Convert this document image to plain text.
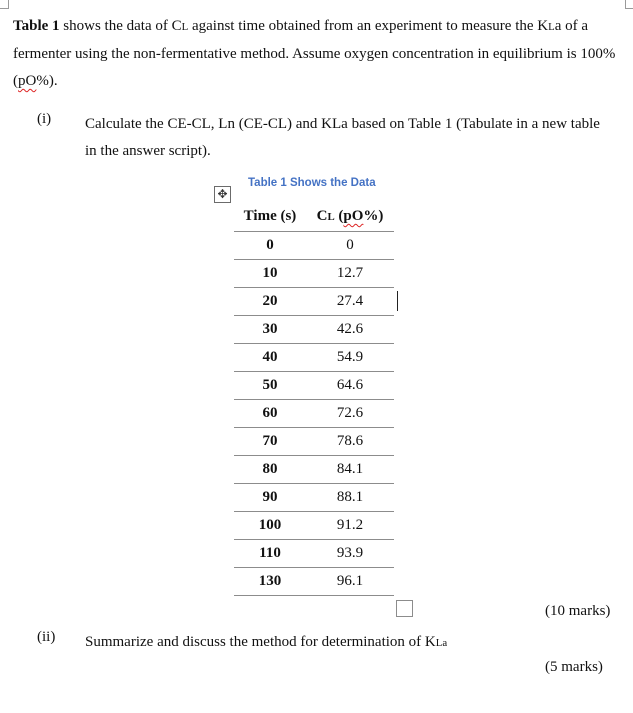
Table 1 shows the data of CL against time obtained from an experiment to measure the KLa of a fermenter using the non-fermentative method. Assume oxygen concentration in equilibrium is 100% (pO%).
(i) Calculate the CE-CL, Ln (CE-CL) and KLa based on Table 1 (Tabulate in a new table in the answer script).
Table 1 Shows the Data
✥
Time (s)	CL (pO%)
0	0
10	12.7
20	27.4
30	42.6
40	54.9
50	64.6
60	72.6
70	78.6
80	84.1
90	88.1
100	91.2
110	93.9
130	96.1
(10 marks)
(ii) Summarize and discuss the method for determination of KLa
(5 marks)
